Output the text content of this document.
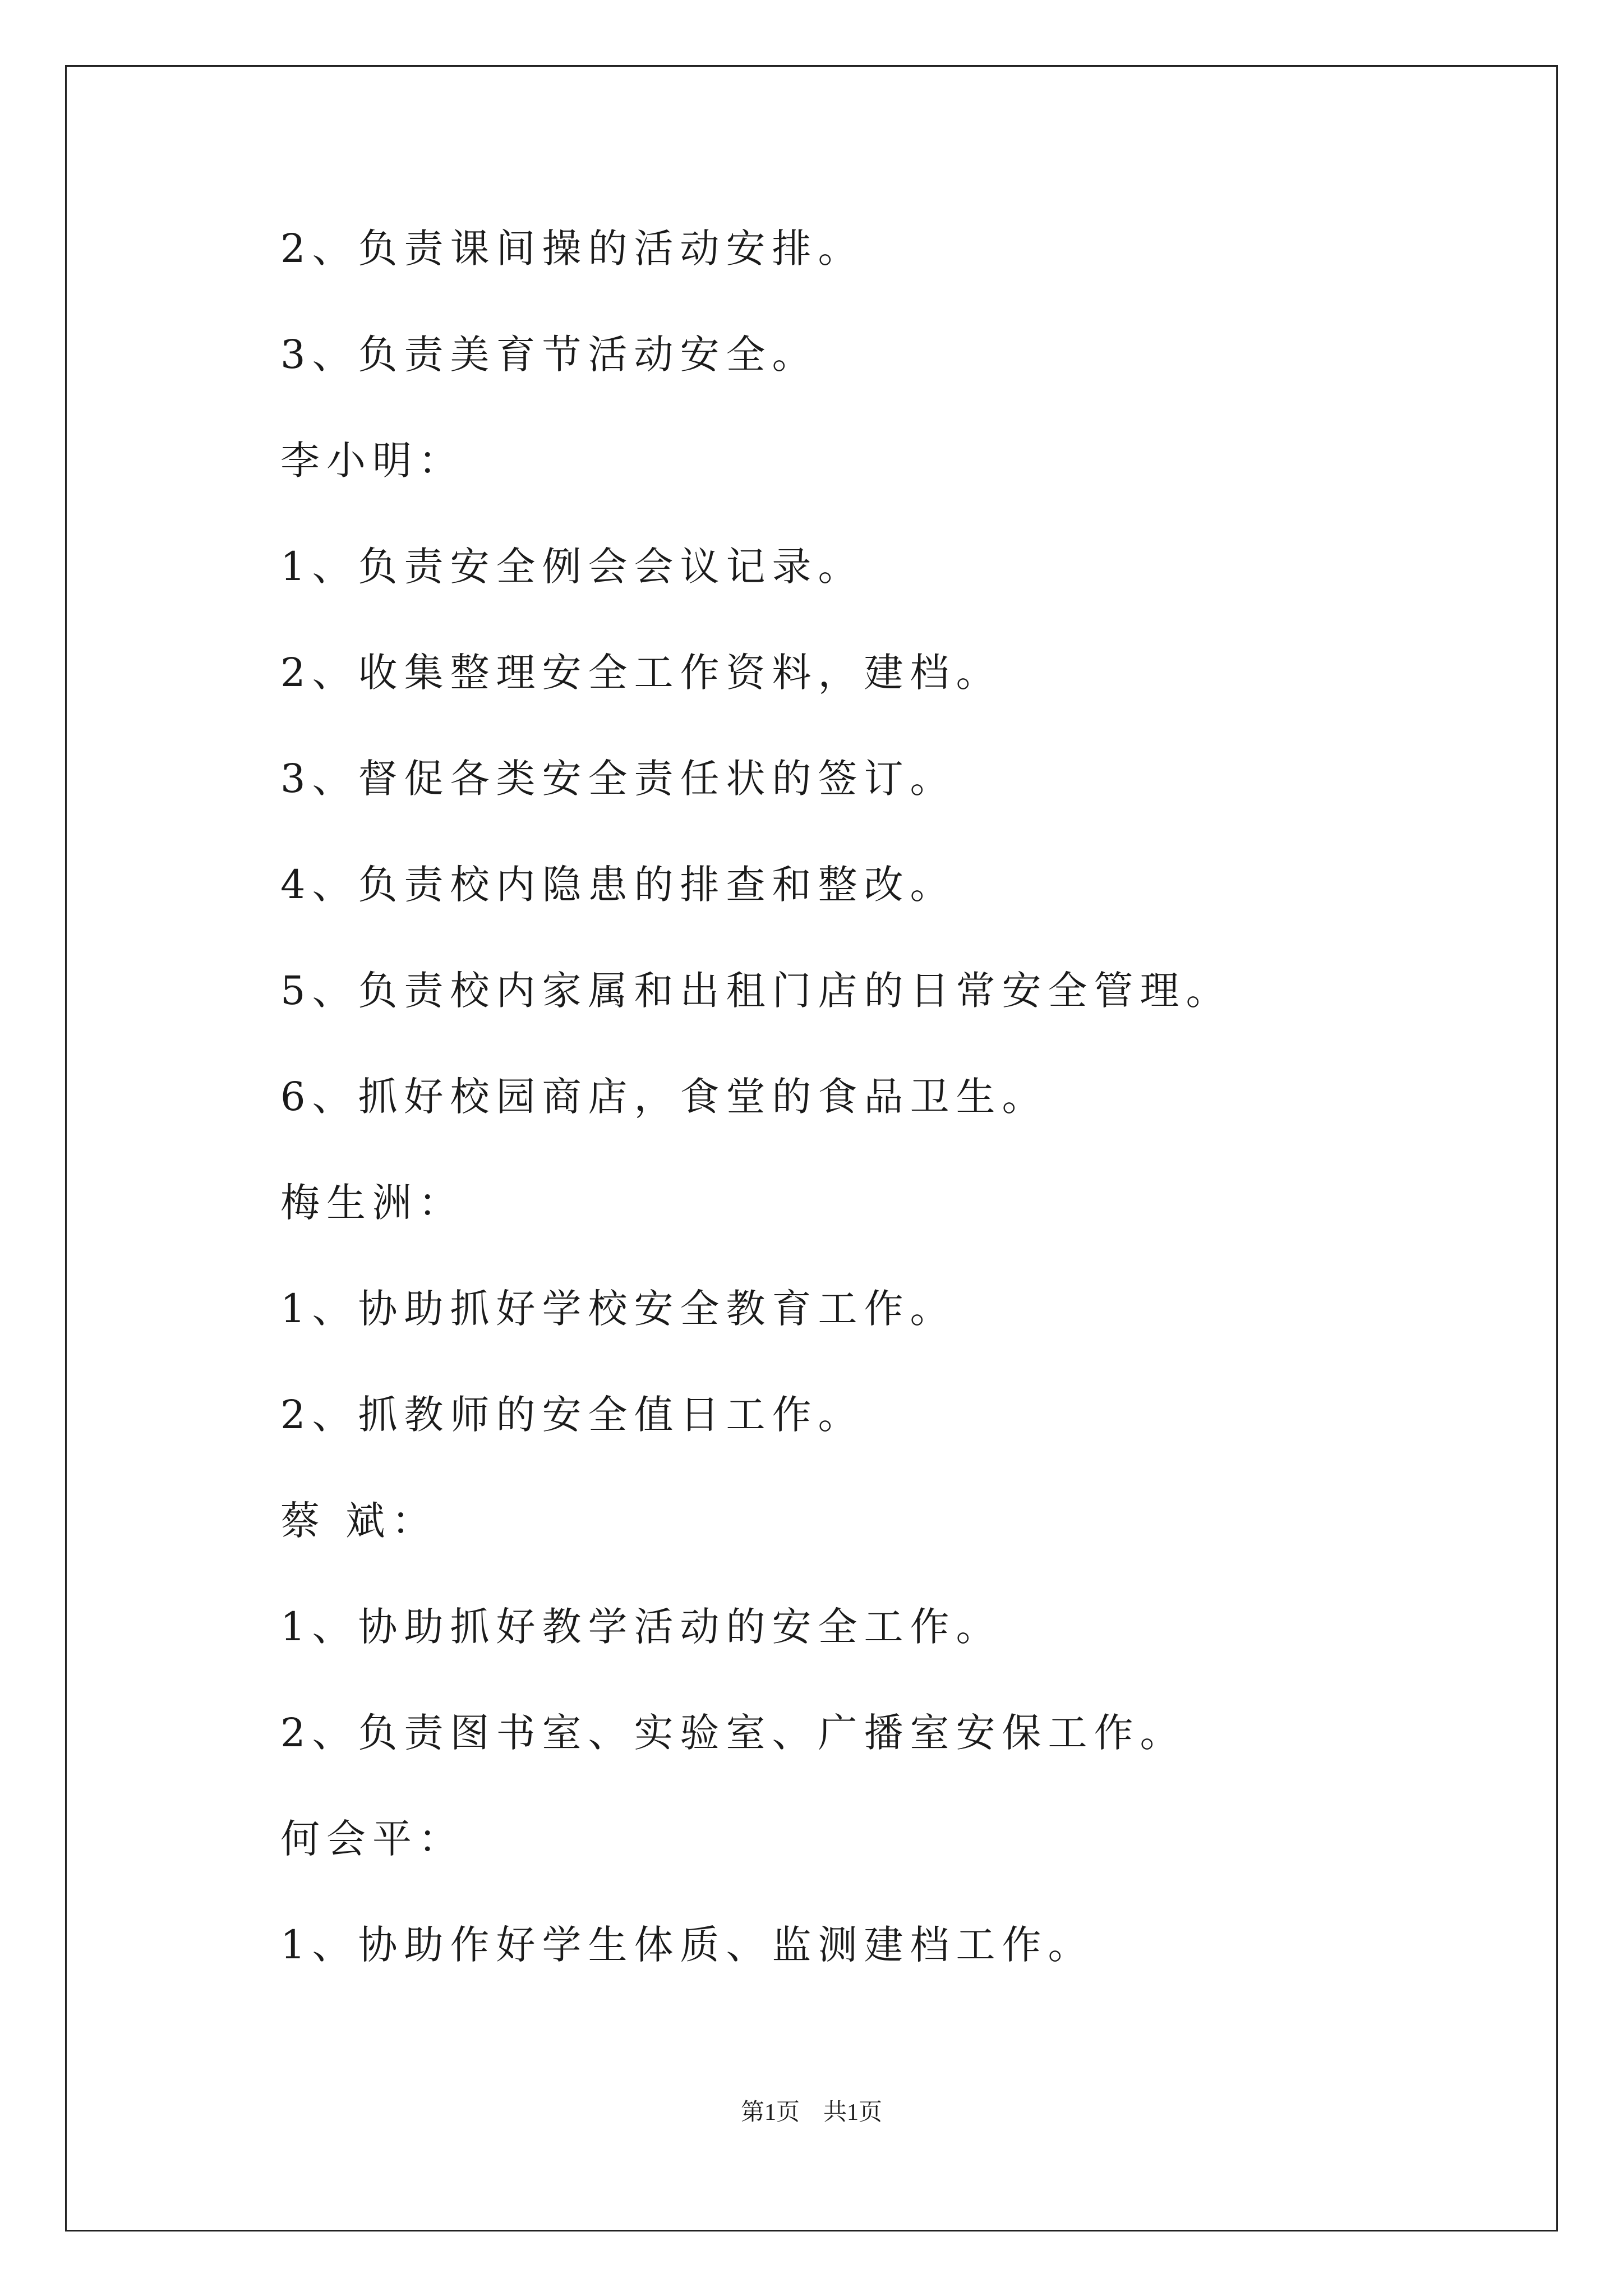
2、负责课间操的活动安排。
3、负责美育节活动安全。
李小明：
1、负责安全例会会议记录。
2、收集整理安全工作资料，建档。
3、督促各类安全责任状的签订。
4、负责校内隐患的排查和整改。
5、负责校内家属和出租门店的日常安全管理。
6、抓好校园商店，食堂的食品卫生。
梅生洲：
1、协助抓好学校安全教育工作。
2、抓教师的安全值日工作。
蔡 斌：
1、协助抓好教学活动的安全工作。
2、负责图书室、实验室、广播室安保工作。
何会平：
1、协助作好学生体质、监测建档工作。
第1页　共1页
